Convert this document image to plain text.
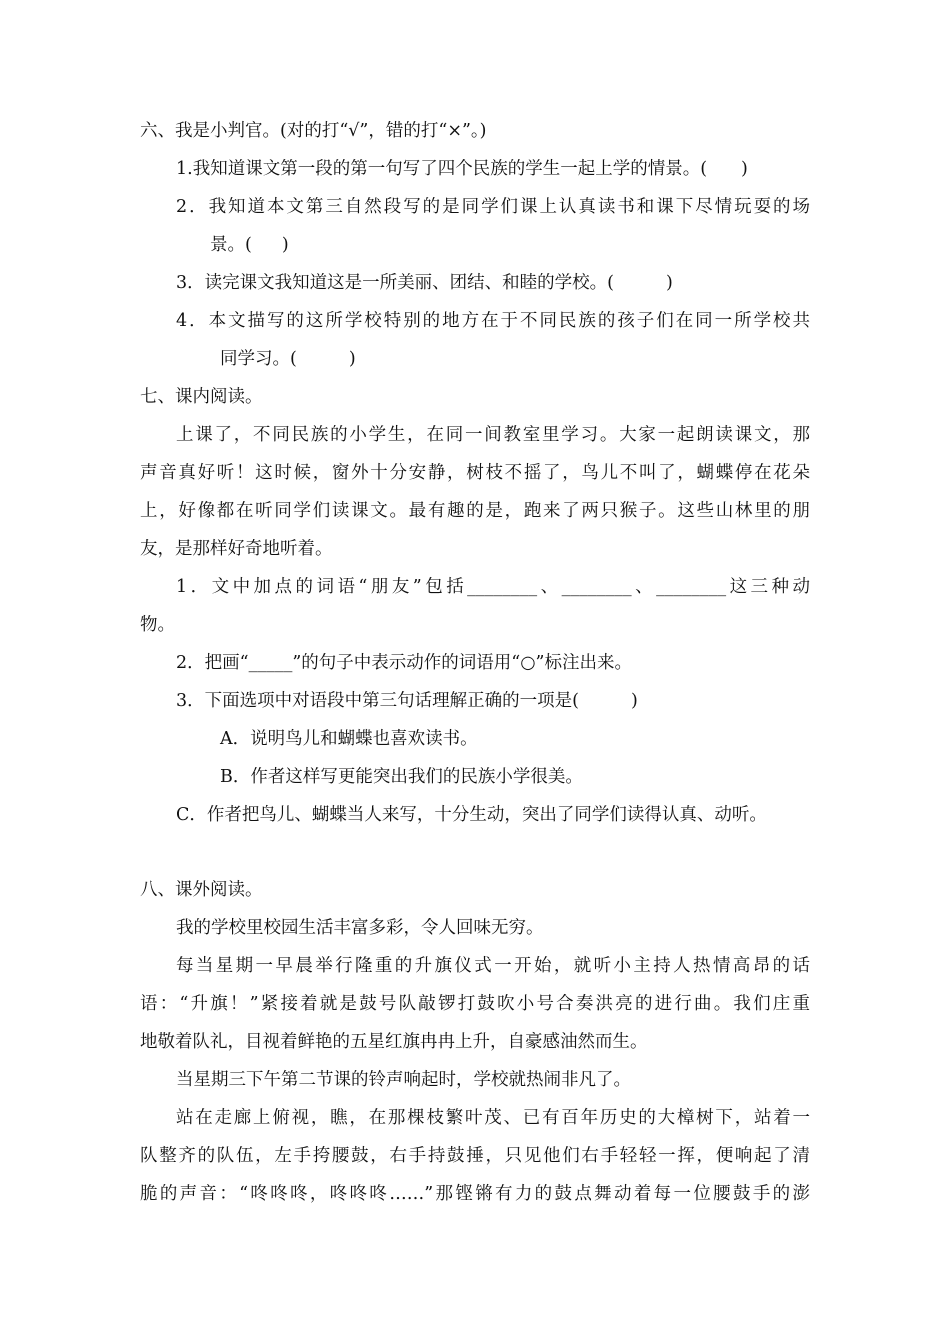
六、我是小判官。(对的打“√”，错的打“×”。)
1.我知道课文第一段的第一句写了四个民族的学生一起上学的情景。( )
2．我知道本文第三自然段写的是同学们课上认真读书和课下尽情玩耍的场
景。( )
3．读完课文我知道这是一所美丽、团结、和睦的学校。(	)
4．本文描写的这所学校特别的地方在于不同民族的孩子们在同一所学校共
同学习。(	)
七、课内阅读。
上课了，不同民族的小学生，在同一间教室里学习。大家一起朗读课文，那
声音真好听！这时候，窗外十分安静，树枝不摇了，鸟儿不叫了，蝴蝶停在花朵
上，好像都在听同学们读课文。最有趣的是，跑来了两只猴子。这些山林里的朋
友，是那样好奇地听着。
1．文中加点的词语“朋友”包括________、________、________这三种动
物。
2．把画“_____”的句子中表示动作的词语用“○”标注出来。
3．下面选项中对语段中第三句话理解正确的一项是(	)
A．说明鸟儿和蝴蝶也喜欢读书。
B．作者这样写更能突出我们的民族小学很美。
C．作者把鸟儿、蝴蝶当人来写，十分生动，突出了同学们读得认真、动听。
八、课外阅读。
我的学校里校园生活丰富多彩，令人回味无穷。
每当星期一早晨举行隆重的升旗仪式一开始，就听小主持人热情高昂的话
语：“升旗！”紧接着就是鼓号队敲锣打鼓吹小号合奏洪亮的进行曲。我们庄重
地敬着队礼，目视着鲜艳的五星红旗冉冉上升，自豪感油然而生。
当星期三下午第二节课的铃声响起时，学校就热闹非凡了。
站在走廊上俯视，瞧，在那棵枝繁叶茂、已有百年历史的大樟树下，站着一
队整齐的队伍，左手挎腰鼓，右手持鼓捶，只见他们右手轻轻一挥，便响起了清
脆的声音：“咚咚咚，咚咚咚……”那铿锵有力的鼓点舞动着每一位腰鼓手的澎
